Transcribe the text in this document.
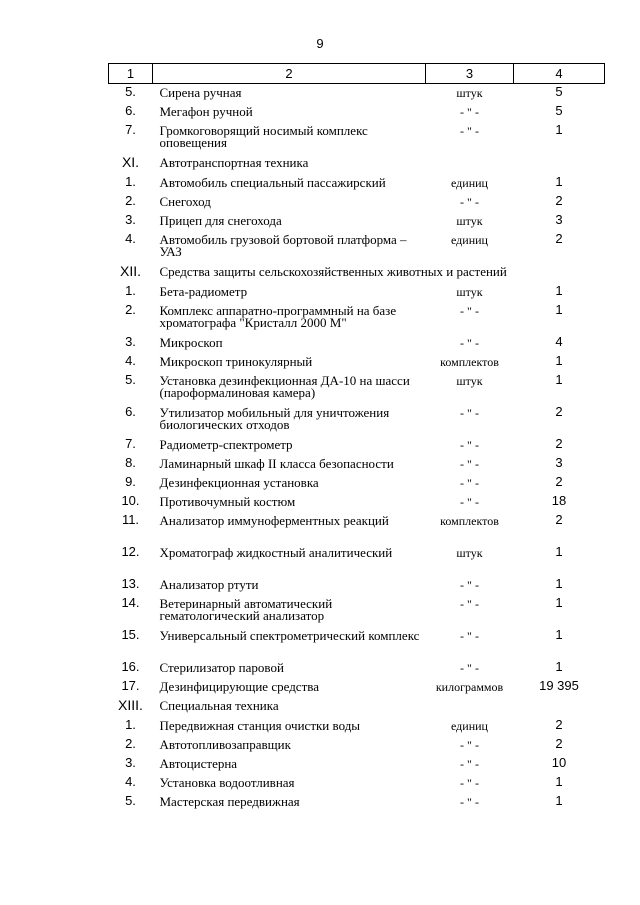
9
1	2	3	4
5.	Сирена ручная	штук	5
6.	Мегафон ручной	- " -	5
7.	Громкоговорящий носимый комплекс оповещения	- " -	1
XI.	Автотранспортная техника		
1.	Автомобиль специальный пассажирский	единиц	1
2.	Снегоход	- " -	2
3.	Прицеп для снегохода	штук	3
4.	Автомобиль грузовой бортовой платформа – УАЗ	единиц	2
XII.	Средства защиты сельскохозяйственных животных и растений		
1.	Бета-радиометр	штук	1
2.	Комплекс аппаратно-программный на базе хроматографа "Кристалл 2000 М"	- " -	1
3.	Микроскоп	- " -	4
4.	Микроскоп тринокулярный	комплектов	1
5.	Установка дезинфекционная ДА-10 на шасси (пароформалиновая камера)	штук	1
6.	Утилизатор мобильный для уничтожения биологических отходов	- " -	2
7.	Радиометр-спектрометр	- " -	2
8.	Ламинарный шкаф II класса безопасности	- " -	3
9.	Дезинфекционная установка	- " -	2
10.	Противочумный костюм	- " -	18
11.	Анализатор иммуноферментных реакций	комплектов	2
12.	Хроматограф жидкостный аналитический	штук	1
13.	Анализатор ртути	- " -	1
14.	Ветеринарный автоматический гематологический анализатор	- " -	1
15.	Универсальный спектрометрический комплекс	- " -	1
16.	Стерилизатор паровой	- " -	1
17.	Дезинфицирующие средства	килограммов	19 395
XIII.	Специальная техника		
1.	Передвижная станция очистки воды	единиц	2
2.	Автотопливозаправщик	- " -	2
3.	Автоцистерна	- " -	10
4.	Установка водоотливная	- " -	1
5.	Мастерская передвижная	- " -	1
